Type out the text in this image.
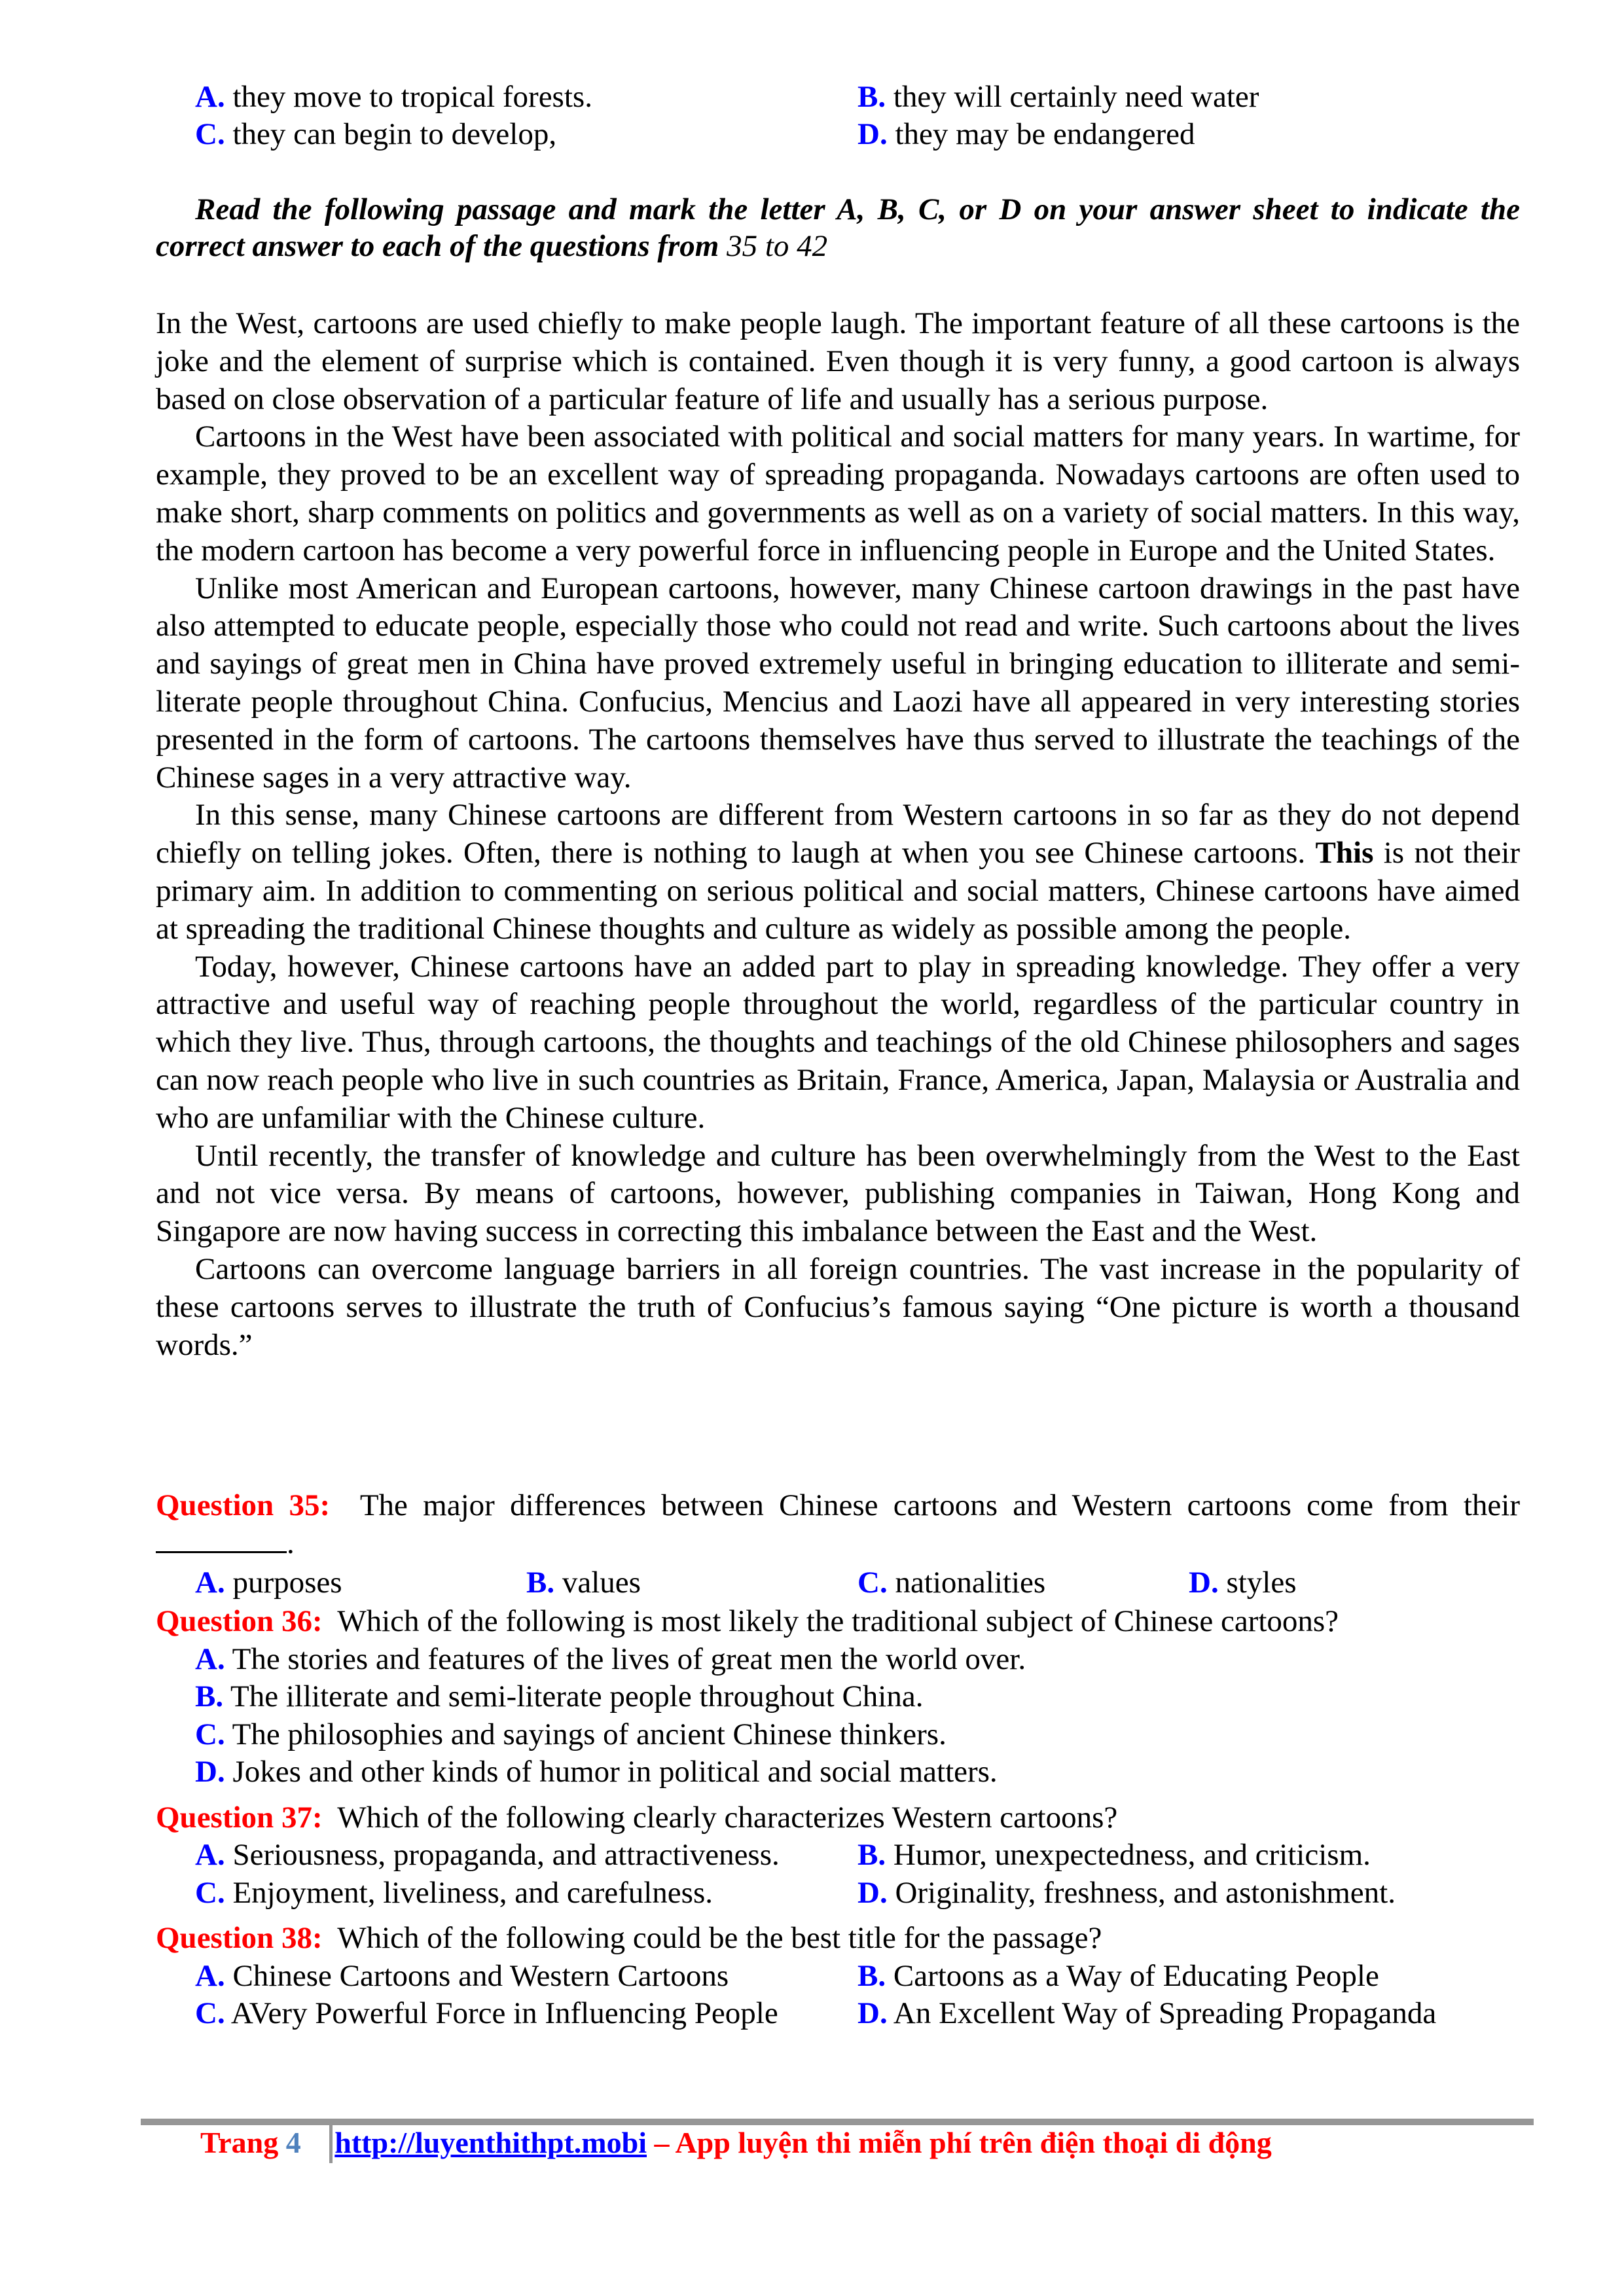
A. they move to tropical forests.	B. they will certainly need water
C. they can begin to develop,	D. they may be endangered
Read the following passage and mark the letter A, B, C, or D on your answer sheet to indicate the correct answer to each of the questions from 35 to 42

In the West, cartoons are used chiefly to make people laugh. The important feature of all these cartoons is the joke and the element of surprise which is contained. Even though it is very funny, a good cartoon is always based on close observation of a particular feature of life and usually has a serious purpose.

Cartoons in the West have been associated with political and social matters for many years. In wartime, for example, they proved to be an excellent way of spreading propaganda. Nowadays cartoons are often used to make short, sharp comments on politics and governments as well as on a variety of social matters. In this way, the modern cartoon has become a very powerful force in influencing people in Europe and the United States.

Unlike most American and European cartoons, however, many Chinese cartoon drawings in the past have also attempted to educate people, especially those who could not read and write. Such cartoons about the lives and sayings of great men in China have proved extremely useful in bringing education to illiterate and semi-literate people throughout China. Confucius, Mencius and Laozi have all appeared in very interesting stories presented in the form of cartoons. The cartoons themselves have thus served to illustrate the teachings of the Chinese sages in a very attractive way.

In this sense, many Chinese cartoons are different from Western cartoons in so far as they do not depend chiefly on telling jokes. Often, there is nothing to laugh at when you see Chinese cartoons. This is not their primary aim. In addition to commenting on serious political and social matters, Chinese cartoons have aimed at spreading the traditional Chinese thoughts and culture as widely as possible among the people.

Today, however, Chinese cartoons have an added part to play in spreading knowledge. They offer a very attractive and useful way of reaching people throughout the world, regardless of the particular country in which they live. Thus, through cartoons, the thoughts and teachings of the old Chinese philosophers and sages can now reach people who live in such countries as Britain, France, America, Japan, Malaysia or Australia and who are unfamiliar with the Chinese culture.

Until recently, the transfer of knowledge and culture has been overwhelmingly from the West to the East and not vice versa. By means of cartoons, however, publishing companies in Taiwan, Hong Kong and Singapore are now having success in correcting this imbalance between the East and the West.

Cartoons can overcome language barriers in all foreign countries. The vast increase in the popularity of these cartoons serves to illustrate the truth of Confucius’s famous saying “One picture is worth a thousand words.”

Question 35: The major differences between Chinese cartoons and Western cartoons come from their
.
A. purposes	B. values	C. nationalities	D. styles
Question 36: Which of the following is most likely the traditional subject of Chinese cartoons?
A. The stories and features of the lives of great men the world over.
B. The illiterate and semi-literate people throughout China.
C. The philosophies and sayings of ancient Chinese thinkers.
D. Jokes and other kinds of humor in political and social matters.
Question 37: Which of the following clearly characterizes Western cartoons?
A. Seriousness, propaganda, and attractiveness.	B. Humor, unexpectedness, and criticism.
C. Enjoyment, liveliness, and carefulness.	D. Originality, freshness, and astonishment.
Question 38: Which of the following could be the best title for the passage?
A. Chinese Cartoons and Western Cartoons	B. Cartoons as a Way of Educating People
C. AVery Powerful Force in Influencing People	D. An Excellent Way of Spreading Propaganda
Trang 4 http://luyenthithpt.mobi – App luyện thi miễn phí trên điện thoại di động
